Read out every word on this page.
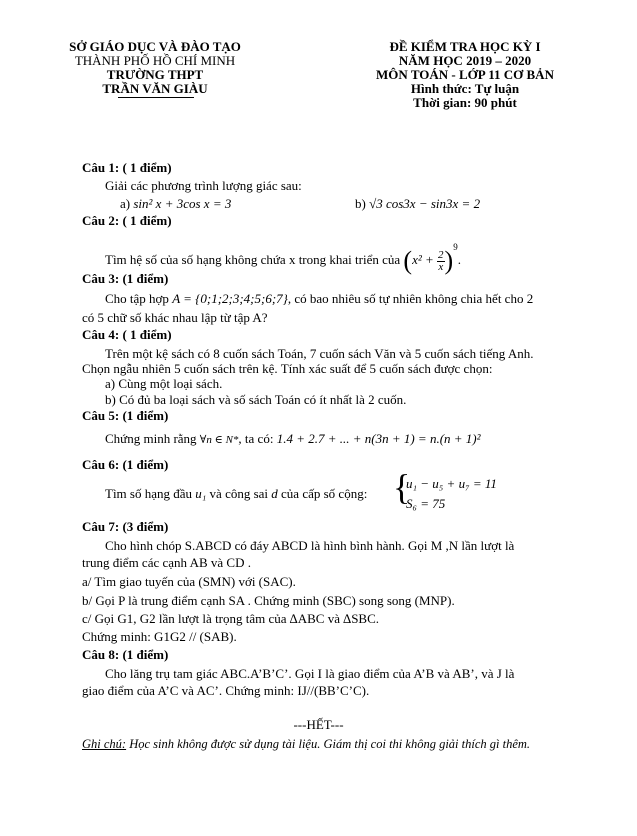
SỞ GIÁO DỤC VÀ ĐÀO TẠO
THÀNH PHỐ HỒ CHÍ MINH
TRƯỜNG THPT
TRẦN VĂN GIÀU
ĐỀ KIỂM TRA HỌC KỲ I
NĂM HỌC 2019 – 2020
MÔN TOÁN - LỚP 11 CƠ BẢN
Hình thức: Tự luận
Thời gian: 90 phút
Câu 1: ( 1 điểm)
Giải các phương trình lượng giác sau:
a) sin² x + 3cos x = 3	b) √3 cos3x − sin3x = 2
Câu 2: ( 1 điểm)
Tìm hệ số của số hạng không chứa x trong khai triển của $(x^2 + \frac{2}{x} )^9$.
Câu 3: (1 điểm)
Cho tập hợp A = {0;1;2;3;4;5;6;7}, có bao nhiêu số tự nhiên không chia hết cho 2
có 5 chữ số khác nhau lập từ tập A?
Câu 4: ( 1 điểm)
Trên một kệ sách có 8 cuốn sách Toán, 7 cuốn sách Văn và 5 cuốn sách tiếng Anh.
Chọn ngẫu nhiên 5 cuốn sách trên kệ. Tính xác suất để 5 cuốn sách được chọn:
a) Cùng một loại sách.
b) Có đủ ba loại sách và số sách Toán có ít nhất là 2 cuốn.
Câu 5: (1 điểm)
Chứng minh rằng ∀n ∈ N*, ta có: 1.4 + 2.7 + ... + n(3n + 1) = n.(n + 1)²
Câu 6: (1 điểm)
Tìm số hạng đầu u₁ và công sai d của cấp số cộng: {
u₁ − u₅ + u₇ = 11
S₆ = 75
Câu 7: (3 điểm)
Cho hình chóp S.ABCD có đáy ABCD là hình bình hành. Gọi M ,N lần lượt là
trung điểm các cạnh AB và CD .
a/ Tìm giao tuyến của (SMN) với (SAC).
b/ Gọi P là trung điểm cạnh SA . Chứng minh (SBC) song song (MNP).
c/ Gọi G1, G2 lần lượt là trọng tâm của ∆ABC và ∆SBC.
Chứng minh: G1G2 // (SAB).
Câu 8: (1 điểm)
Cho lăng trụ tam giác ABC.A’B’C’. Gọi I là giao điểm của A’B và AB’, và J là
giao điểm của A’C và AC’. Chứng minh: IJ//(BB’C’C).
---HẾT---
Ghi chú: Học sinh không được sử dụng tài liệu. Giám thị coi thi không giải thích gì thêm.
